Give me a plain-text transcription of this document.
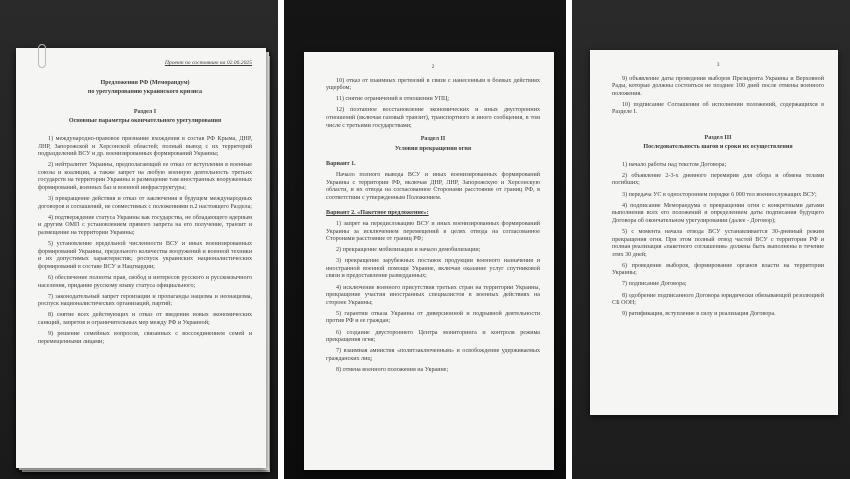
Проект по состоянию на 02.06.2025
Предложения РФ (Меморандум)
по урегулированию украинского кризиса
Раздел I
Основные параметры окончательного урегулирования

1) международно-правовое признание вхождения в состав РФ Крыма, ДНР, ЛНР, Запорожской и Херсонской областей; полный вывод с их территорий подразделений ВСУ и др. военизированных формирований Украины;

2) нейтралитет Украины, предполагающий ее отказ от вступления в военные союзы и коалиции, а также запрет на любую военную деятельность третьих государств на территории Украины и размещение там иностранных вооруженных формирований, военных баз и военной инфраструктуры;

3) прекращение действия и отказ от заключения в будущем международных договоров и соглашений, не совместимых с положениями п.2 настоящего Раздела;

4) подтверждение статуса Украины как государства, не обладающего ядерным и другим ОМП с установлением прямого запрета на его получение, транзит и размещение на территории Украины;

5) установление предельной численности ВСУ и иных военизированных формирований Украины, предельного количества вооружений и военной техники и их допустимых характеристик; роспуск украинских националистических формирований в составе ВСУ и Нацгвардии;

6) обеспечение полноты прав, свобод и интересов русского и русскоязычного населения, придание русскому языку статуса официального;

7) законодательный запрет героизации и пропаганды нацизма и неонацизма, роспуск националистических организаций, партий;

8) снятие всех действующих и отказ от введения новых экономических санкций, запретов и ограничительных мер между РФ и Украиной;

9) решение семейных вопросов, связанных с воссоединением семей и перемещенными лицами;

2

10) отказ от взаимных претензий в связи с нанесенным в боевых действиях ущербом;

11) снятие ограничений в отношении УПЦ;

12) поэтапное восстановление экономических и иных двусторонних отношений (включая газовый транзит), транспортного и иного сообщения, в том числе с третьими государствами;

Раздел II
Условия прекращения огня
Вариант 1.

Начало полного вывода ВСУ и иных военизированных формирований Украины с территории РФ, включая ДНР, ЛНР, Запорожскую и Херсонскую области, и их отвода на согласованное Сторонами расстояние от границ РФ, в соответствии с утвержденным Положением.

Вариант 2. «Пакетное предложение»:

1) запрет на передислокацию ВСУ и иных военизированных формирований Украины за исключением перемещений в целях отвода на согласованное Сторонами расстояние от границ РФ;

2) прекращение мобилизации и начало демобилизации;

3) прекращение зарубежных поставок продукции военного назначения и иностранной военной помощи Украине, включая оказание услуг спутниковой связи и предоставление разведданных;

4) исключение военного присутствия третьих стран на территории Украины, прекращение участия иностранных специалистов в военных действиях на стороне Украины;

5) гарантии отказа Украины от диверсионной и подрывной деятельности против РФ и ее граждан;

6) создание двустороннего Центра мониторинга и контроля режима прекращения огня;

7) взаимная амнистия «политзаключенным» и освобождение удерживаемых гражданских лиц;

8) отмена военного положения на Украине;

3

9) объявление даты проведения выборов Президента Украины и Верховной Рады, которые должны состояться не позднее 100 дней после отмены военного положения.

10) подписание Соглашения об исполнении положений, содержащихся в Разделе I.

Раздел III
Последовательность шагов и сроки их осуществления

1) начало работы над текстом Договора;

2) объявление 2-3-х дневного перемирия для сбора и обмена телами погибших;

3) передача УС в одностороннем порядке 6 000 тел военнослужащих ВСУ;

4) подписание Меморандума о прекращении огня с конкретными датами выполнения всех его положений и определением даты подписания будущего Договора об окончательном урегулировании (далее - Договор);

5) с момента начала отвода ВСУ устанавливается 30-дневный режим прекращения огня. При этом полный отвод частей ВСУ с территории РФ и полная реализация «пакетного соглашения» должны быть выполнены в течение этих 30 дней;

6) проведение выборов, формирование органов власти на территории Украины;

7) подписание Договора;

8) одобрение подписанного Договора юридически обязывающей резолюцией СБ ООН;

9) ратификация, вступление в силу и реализация Договора.
